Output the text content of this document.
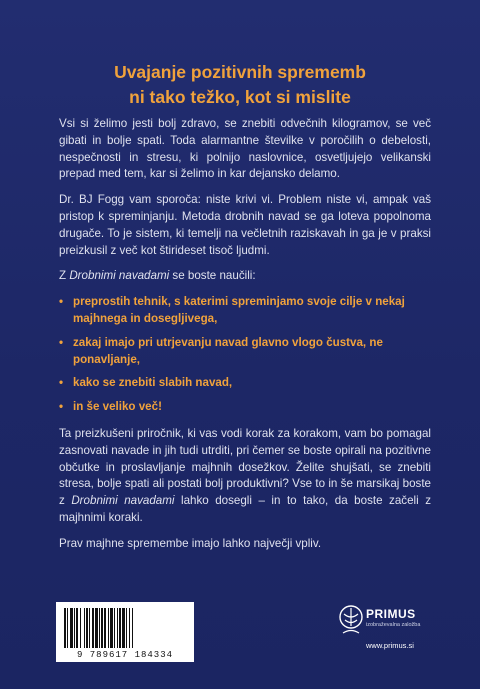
Uvajanje pozitivnih sprememb
ni tako težko, kot si mislite

Vsi si želimo jesti bolj zdravo, se znebiti odvečnih kilogramov, se več gibati in bolje spati. Toda alarmantne številke v poročilih o debelosti, nespečnosti in stresu, ki polnijo naslovnice, osvetljujejo velikanski prepad med tem, kar si želimo in kar dejansko delamo.

Dr. BJ Fogg vam sporoča: niste krivi vi. Problem niste vi, ampak vaš pristop k spreminjanju. Metoda drobnih navad se ga loteva popolnoma drugače. To je sistem, ki temelji na večletnih raziskavah in ga je v praksi preizkusil z več kot štirideset tisoč ljudmi.

Z Drobnimi navadami se boste naučili:

• preprostih tehnik, s katerimi spreminjamo svoje cilje v nekaj majhnega in dosegljivega,
• zakaj imajo pri utrjevanju navad glavno vlogo čustva, ne ponavljanje,
• kako se znebiti slabih navad,
• in še veliko več!

Ta preizkušeni priročnik, ki vas vodi korak za korakom, vam bo pomagal zasnovati navade in jih tudi utrditi, pri čemer se boste opirali na pozitivne občutke in proslavljanje majhnih dosežkov. Želite shujšati, se znebiti stresa, bolje spati ali postati bolj produktivni? Vse to in še marsikaj boste z Drobnimi navadami lahko dosegli – in to tako, da boste začeli z majhnimi koraki.

Prav majhne spremembe imajo lahko največji vpliv.

9 789617 184334
PRIMUS
izobraževalna založba
www.primus.si
